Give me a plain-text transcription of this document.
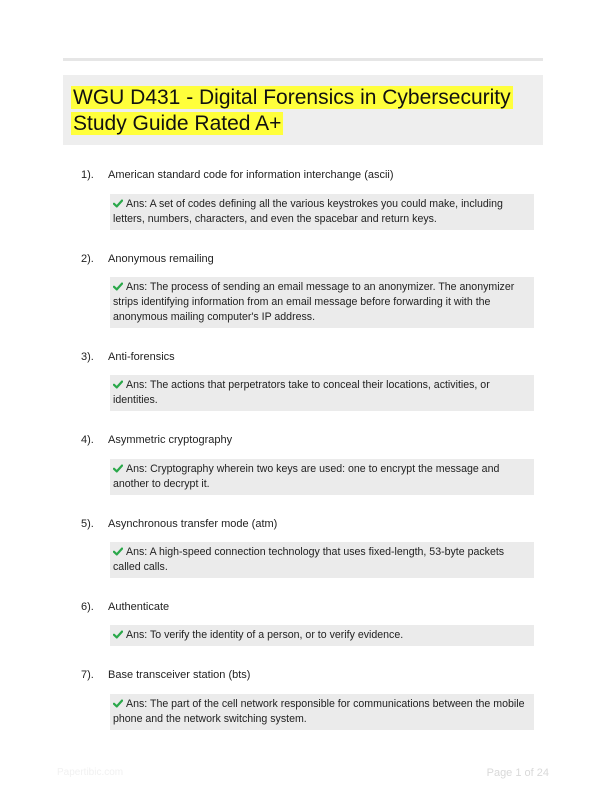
WGU D431 - Digital Forensics in Cybersecurity Study Guide Rated A+
1). American standard code for information interchange (ascii)
Ans: A set of codes defining all the various keystrokes you could make, including letters, numbers, characters, and even the spacebar and return keys.
2). Anonymous remailing
Ans: The process of sending an email message to an anonymizer. The anonymizer strips identifying information from an email message before forwarding it with the anonymous mailing computer's IP address.
3). Anti-forensics
Ans: The actions that perpetrators take to conceal their locations, activities, or identities.
4). Asymmetric cryptography
Ans: Cryptography wherein two keys are used: one to encrypt the message and another to decrypt it.
5). Asynchronous transfer mode (atm)
Ans: A high-speed connection technology that uses fixed-length, 53-byte packets called calls.
6). Authenticate
Ans: To verify the identity of a person, or to verify evidence.
7). Base transceiver station (bts)
Ans: The part of the cell network responsible for communications between the mobile phone and the network switching system.
Papertibic.com	Page 1 of 24
